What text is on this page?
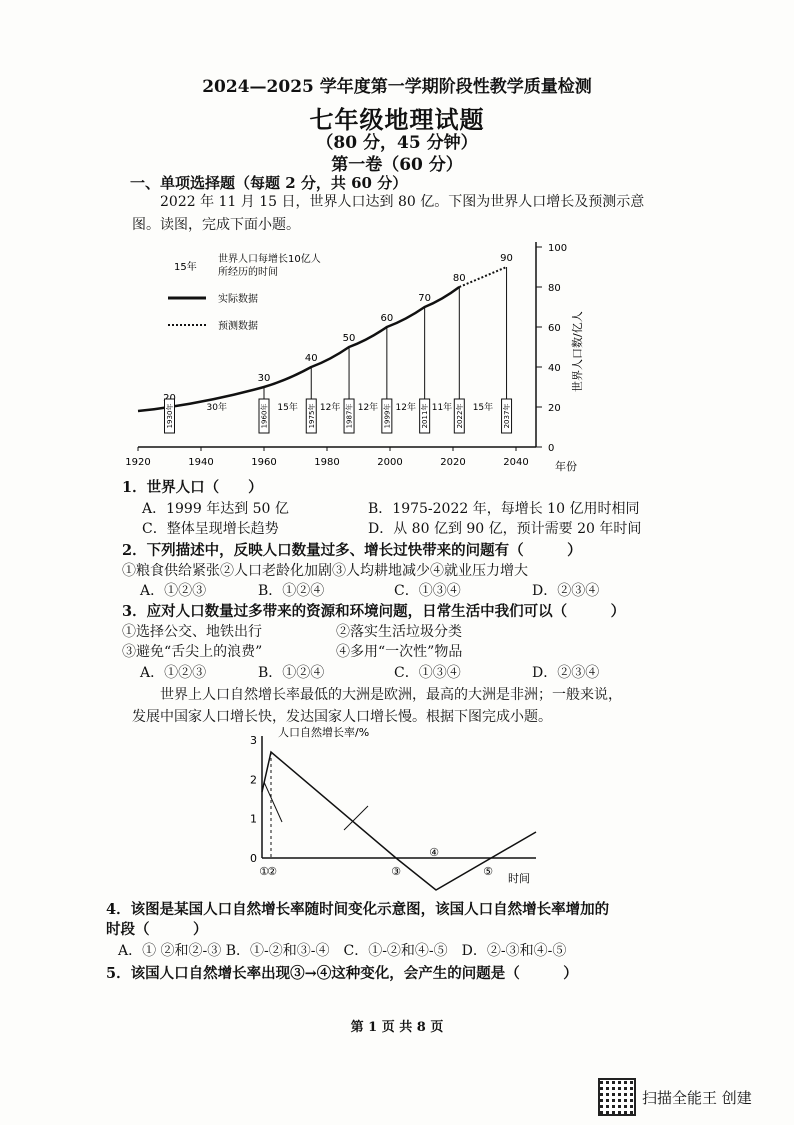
2024—2025 学年度第一学期阶段性教学质量检测
七年级地理试题
（80 分，45 分钟）
第一卷（60 分）
一、单项选择题（每题 2 分，共 60 分）
2022 年 11 月 15 日，世界人口达到 80 亿。下图为世界人口增长及预测示意
图。读图，完成下面小题。
15年
世界人口每增长10亿人
所经历的时间
实际数据
预测数据
1920	1940	1960	1980	2000	2020	2040
0
20
40
60
80
100
年份
世界人口数/亿人
1930年
30
1960年
40
1975年
50
1987年
60
1999年
70
2011年
80
2022年
90
2037年
30年	15年 12年 12年 12年 11年 15年
1．世界人口（　　）
A．1999 年达到 50 亿	B．1975-2022 年，每增长 10 亿用时相同
C．整体呈现增长趋势	D．从 80 亿到 90 亿，预计需要 20 年时间
2．下列描述中，反映人口数量过多、增长过快带来的问题有（　　　）
①粮食供给紧张②人口老龄化加剧③人均耕地减少④就业压力增大
A．①②③	B．①②④	C．①③④	D．②③④
3．应对人口数量过多带来的资源和环境问题，日常生活中我们可以（　　　）
①选择公交、地铁出行	②落实生活垃圾分类
③避免“舌尖上的浪费”	④多用“一次性”物品
A．①②③	B．①②④	C．①③④	D．②③④
世界上人口自然增长率最低的大洲是欧洲，最高的大洲是非洲；一般来说，
发展中国家人口增长快，发达国家人口增长慢。根据下图完成小题。
人口自然增长率/%
时间
0
1
2
3
①
②	③
④
⑤
4．该图是某国人口自然增长率随时间变化示意图，该国人口自然增长率增加的
时段（　　　）
A．① ②和②-③ B．①-②和③-④　C．①-②和④-⑤　D．②-③和④-⑤
5．该国人口自然增长率出现③→④这种变化，会产生的问题是（　　　）
第 1 页 共 8 页
扫描全能王 创建
